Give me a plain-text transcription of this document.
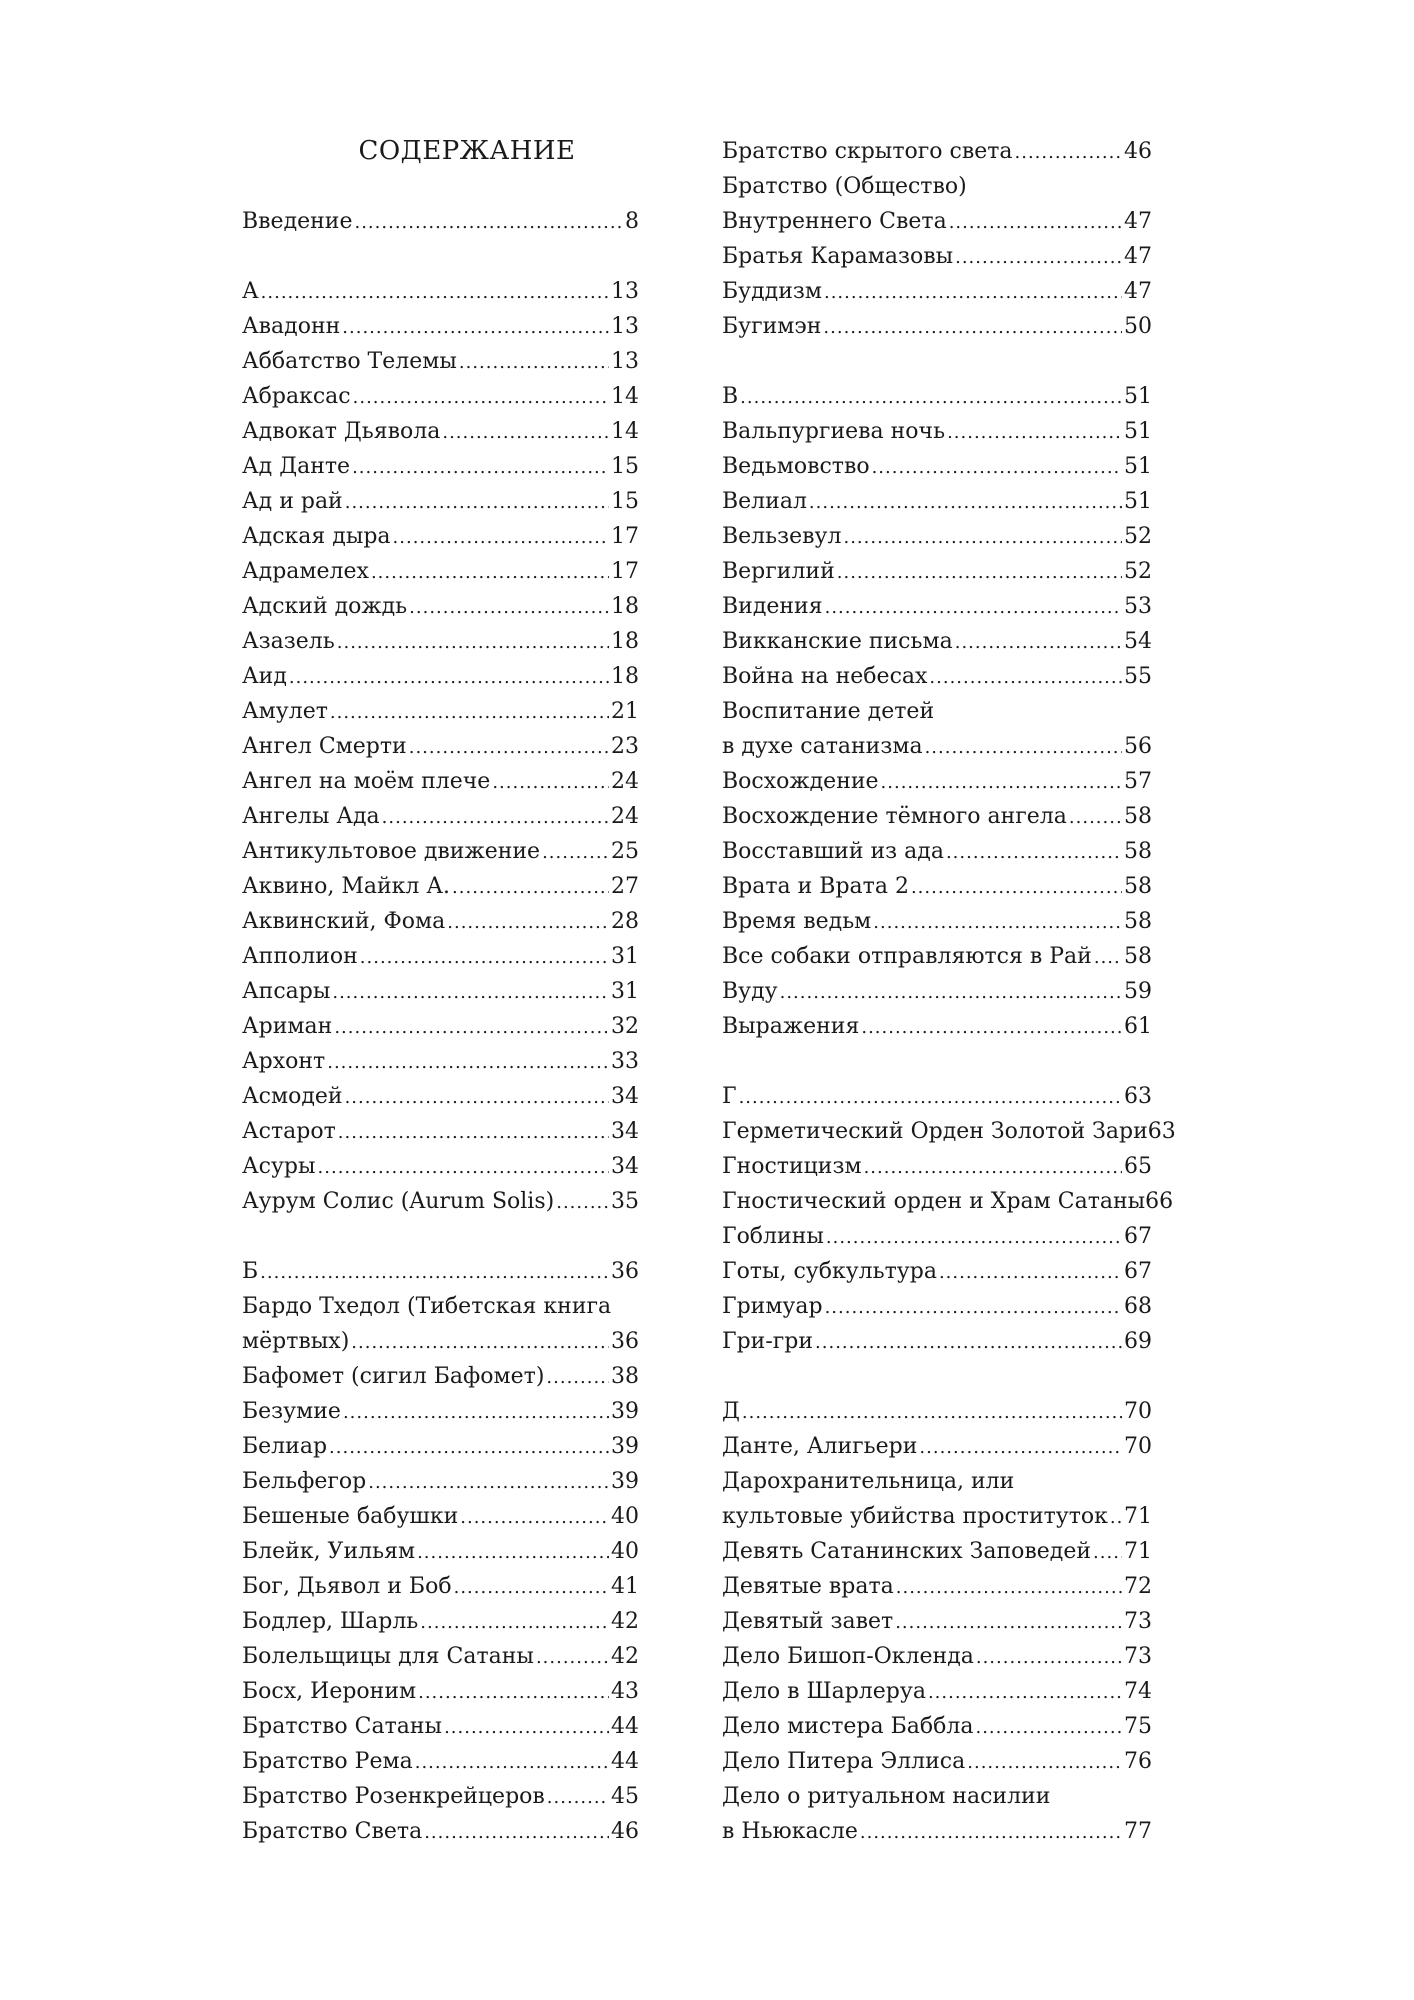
СОДЕРЖАНИЕ
Введение .....	8
А .....	13
Авадонн .....	13
Аббатство Телемы .....	13
Абраксас .....	14
Адвокат Дьявола .....	14
Ад Данте .....	15
Ад и рай .....	15
Адская дыра .....	17
Адрамелех .....	17
Адский дождь .....	18
Азазель .....	18
Аид .....	18
Амулет .....	21
Ангел Смерти .....	23
Ангел на моём плече .....	24
Ангелы Ада .....	24
Антикультовое движение .....	25
Аквино, Майкл А. .....	27
Аквинский, Фома .....	28
Апполион .....	31
Апсары .....	31
Ариман .....	32
Архонт .....	33
Асмодей .....	34
Астарот .....	34
Асуры .....	34
Аурум Солис (Aurum Solis) .....	35
Б .....	36
Бардо Тхедол (Тибетская книга
мёртвых) .....	36
Бафомет (сигил Бафомет) .....	38
Безумие .....	39
Белиар .....	39
Бельфегор .....	39
Бешеные бабушки .....	40
Блейк, Уильям .....	40
Бог, Дьявол и Боб .....	41
Бодлер, Шарль .....	42
Болельщицы для Сатаны .....	42
Босх, Иероним .....	43
Братство Сатаны .....	44
Братство Рема .....	44
Братство Розенкрейцеров .....	45
Братство Света .....	46
Братство скрытого света .....	46
Братство (Общество)
Внутреннего Света .....	47
Братья Карамазовы .....	47
Буддизм .....	47
Бугимэн .....	50
В .....	51
Вальпургиева ночь .....	51
Ведьмовство .....	51
Велиал .....	51
Вельзевул .....	52
Вергилий .....	52
Видения .....	53
Викканские письма .....	54
Война на небесах .....	55
Воспитание детей
в духе сатанизма .....	56
Восхождение .....	57
Восхождение тёмного ангела .....	58
Восставший из ада .....	58
Врата и Врата 2 .....	58
Время ведьм .....	58
Все собаки отправляются в Рай ..... 58
Вуду .....	59
Выражения .....	61
Г .....	63
Герметический Орден Золотой Зари63
Гностицизм .....	65
Гностический орден и Храм Сатаны66
Гоблины .....	67
Готы, субкультура .....	67
Гримуар .....	68
Гри-гри .....	69
Д .....	70
Данте, Алигьери .....	70
Дарохранительница, или
культовые убийства проституток ..... 71
Девять Сатанинских Заповедей ..... 71
Девятые врата .....	72
Девятый завет .....	73
Дело Бишоп-Окленда .....	73
Дело в Шарлеруа .....	74
Дело мистера Баббла .....	75
Дело Питера Эллиса .....	76
Дело о ритуальном насилии
в Ньюкасле .....	77
